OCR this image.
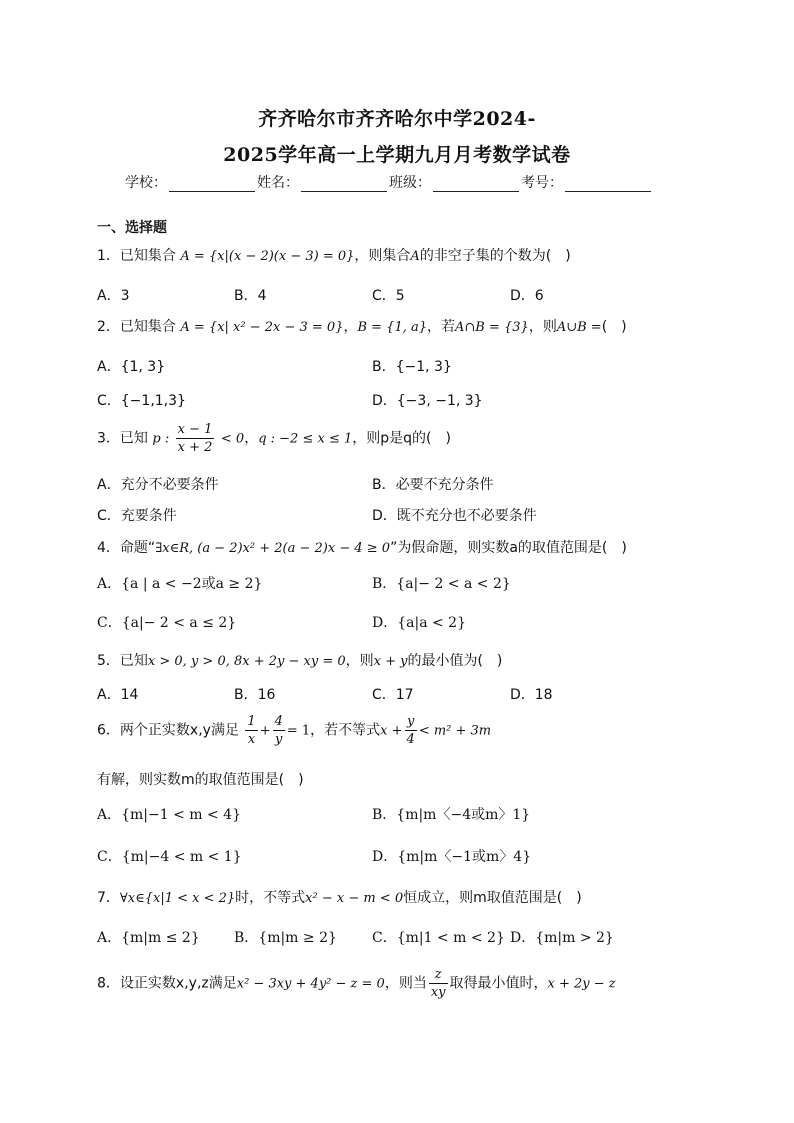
齐齐哈尔市齐齐哈尔中学2024-
2025学年高一上学期九月月考数学试卷
学校：	姓名：	班级：	考号：
一、选择题
1．已知集合 A = {x|(x − 2)(x − 3) = 0}，则集合A的非空子集的个数为(　)
A．3	B．4	C．5	D．6
2．已知集合 A = {x| x² − 2x − 3 = 0}，B = {1, a}，若A∩B = {3}，则A∪B =(　)
A．{1, 3}	B．{−1, 3}
C．{−1,1,3}	D．{−3, −1, 3}
3．已知 p : $\frac{x - 1}{x + 2} < 0$，q : −2 ≤ x ≤ 1，则p是q的(　)
A．充分不必要条件	B．必要不充分条件
C．充要条件	D．既不充分也不必要条件
4．命题“∃x∈R, (a − 2)x² + 2(a − 2)x − 4 ≥ 0”为假命题，则实数a的取值范围是(　)
A．{a | a < −2或a ≥ 2}	B．{a|− 2 < a < 2}
C．{a|− 2 < a ≤ 2}	D．{a|a < 2}
5．已知x > 0, y > 0, 8x + 2y − xy = 0，则x + y的最小值为(　)
A．14	B．16	C．17	D．18
6．两个正实数x,y满足 $\frac{1}{x} + \frac{4}{y} = 1$，若不等式$x + \frac{y}{4} < m^2 + 3m$
有解，则实数m的取值范围是(　)
A．{m|−1 < m < 4}	B．{m|m〈−4或m〉1}
C．{m|−4 < m < 1}	D．{m|m〈−1或m〉4}
7．∀x∈{x|1 < x < 2}时，不等式x² − x − m < 0恒成立，则m取值范围是(　)
A．{m|m ≤ 2} B．{m|m ≥ 2}	C．{m|1 < m < 2} D．{m|m > 2}
8．设正实数x,y,z满足x² − 3xy + 4y² − z = 0，则当 $\frac{z}{xy}$ 取得最小值时，x + 2y − z
